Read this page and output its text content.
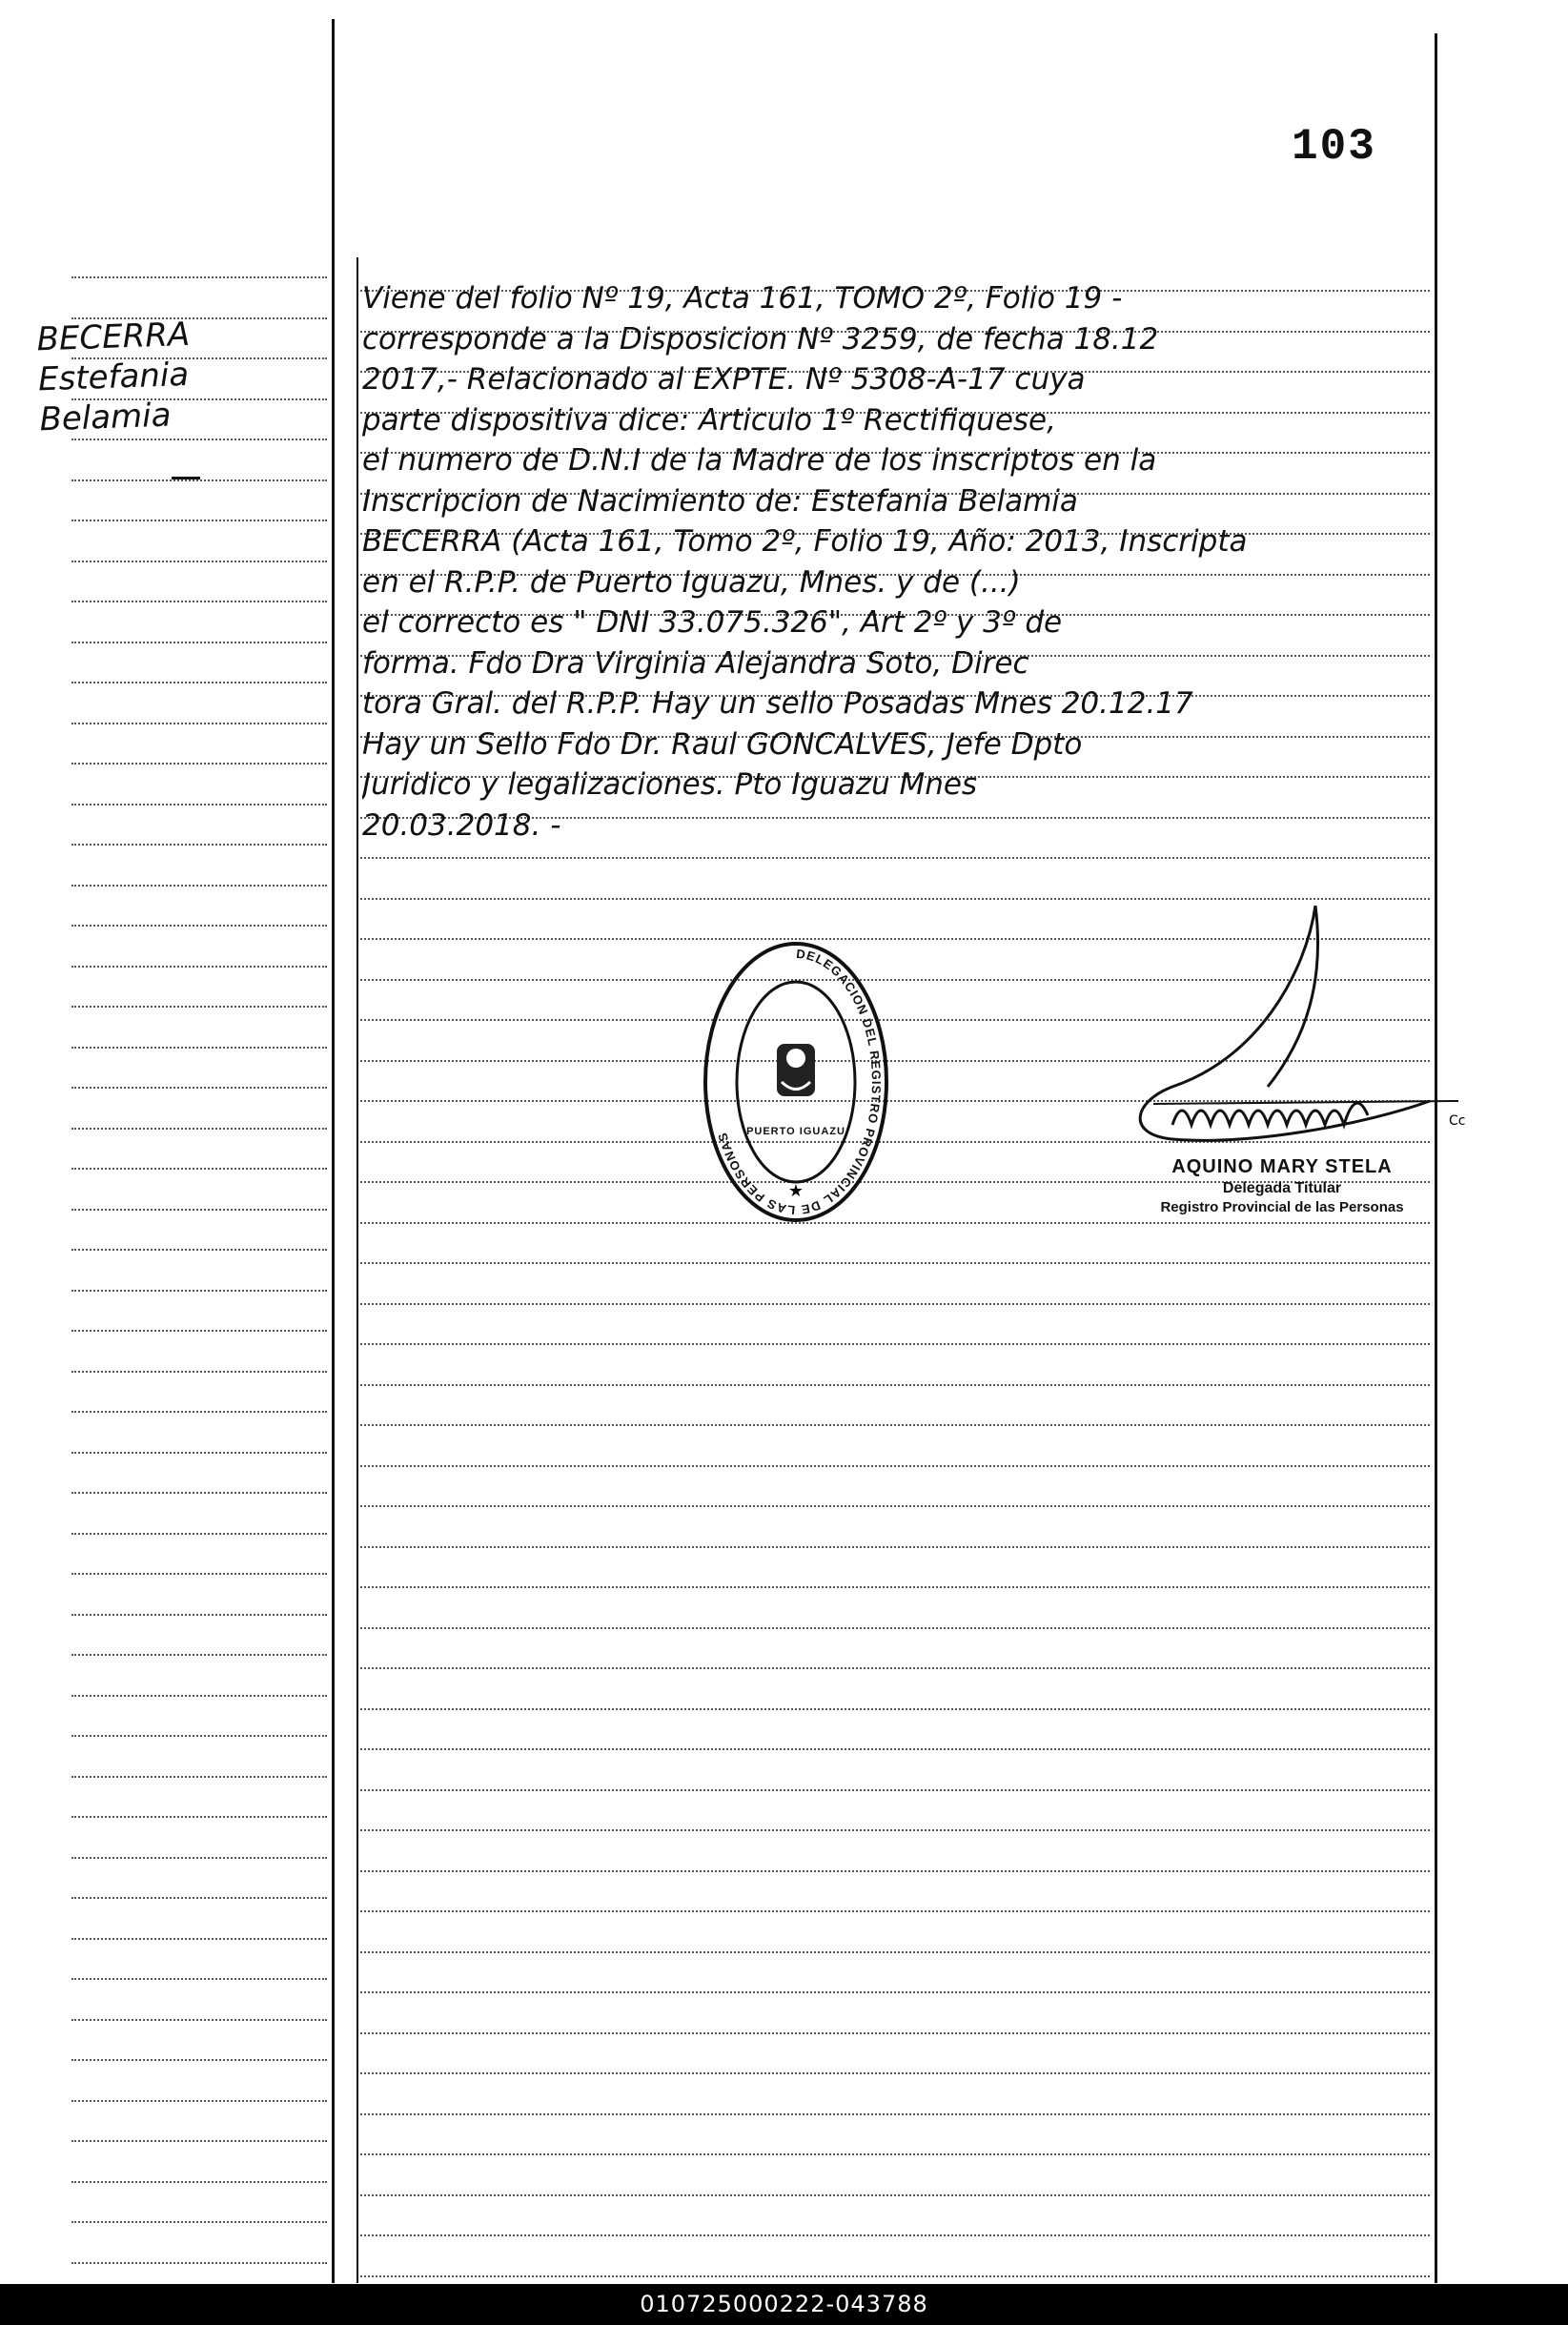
103
BECERRA
Estefania
Belamia
Viene del folio Nº 19, Acta 161, TOMO 2º, Folio 19 -
corresponde a la Disposicion Nº 3259, de fecha 18.12
2017,- Relacionado al EXPTE. Nº 5308-A-17 cuya
parte dispositiva dice: Articulo 1º Rectifiquese,
el numero de D.N.I de la Madre de los inscriptos en la
Inscripcion de Nacimiento de: Estefania Belamia
BECERRA (Acta 161, Tomo 2º, Folio 19, Año: 2013, Inscripta
en el R.P.P. de Puerto Iguazu, Mnes. y de (...)
el correcto es " DNI 33.075.326", Art 2º y 3º de
forma. Fdo Dra Virginia Alejandra Soto, Direc
tora Gral. del R.P.P. Hay un sello Posadas Mnes 20.12.17
Hay un Sello Fdo Dr. Raul GONCALVES, Jefe Dpto
Juridico y legalizaciones. Pto Iguazu Mnes
20.03.2018. -
DELEGACION DEL REGISTRO PROVINCIAL DE LAS PERSONAS	PUERTO IGUAZU
★
Cc
AQUINO MARY STELA
Delegada Titular
Registro Provincial de las Personas
010725000222-043788
